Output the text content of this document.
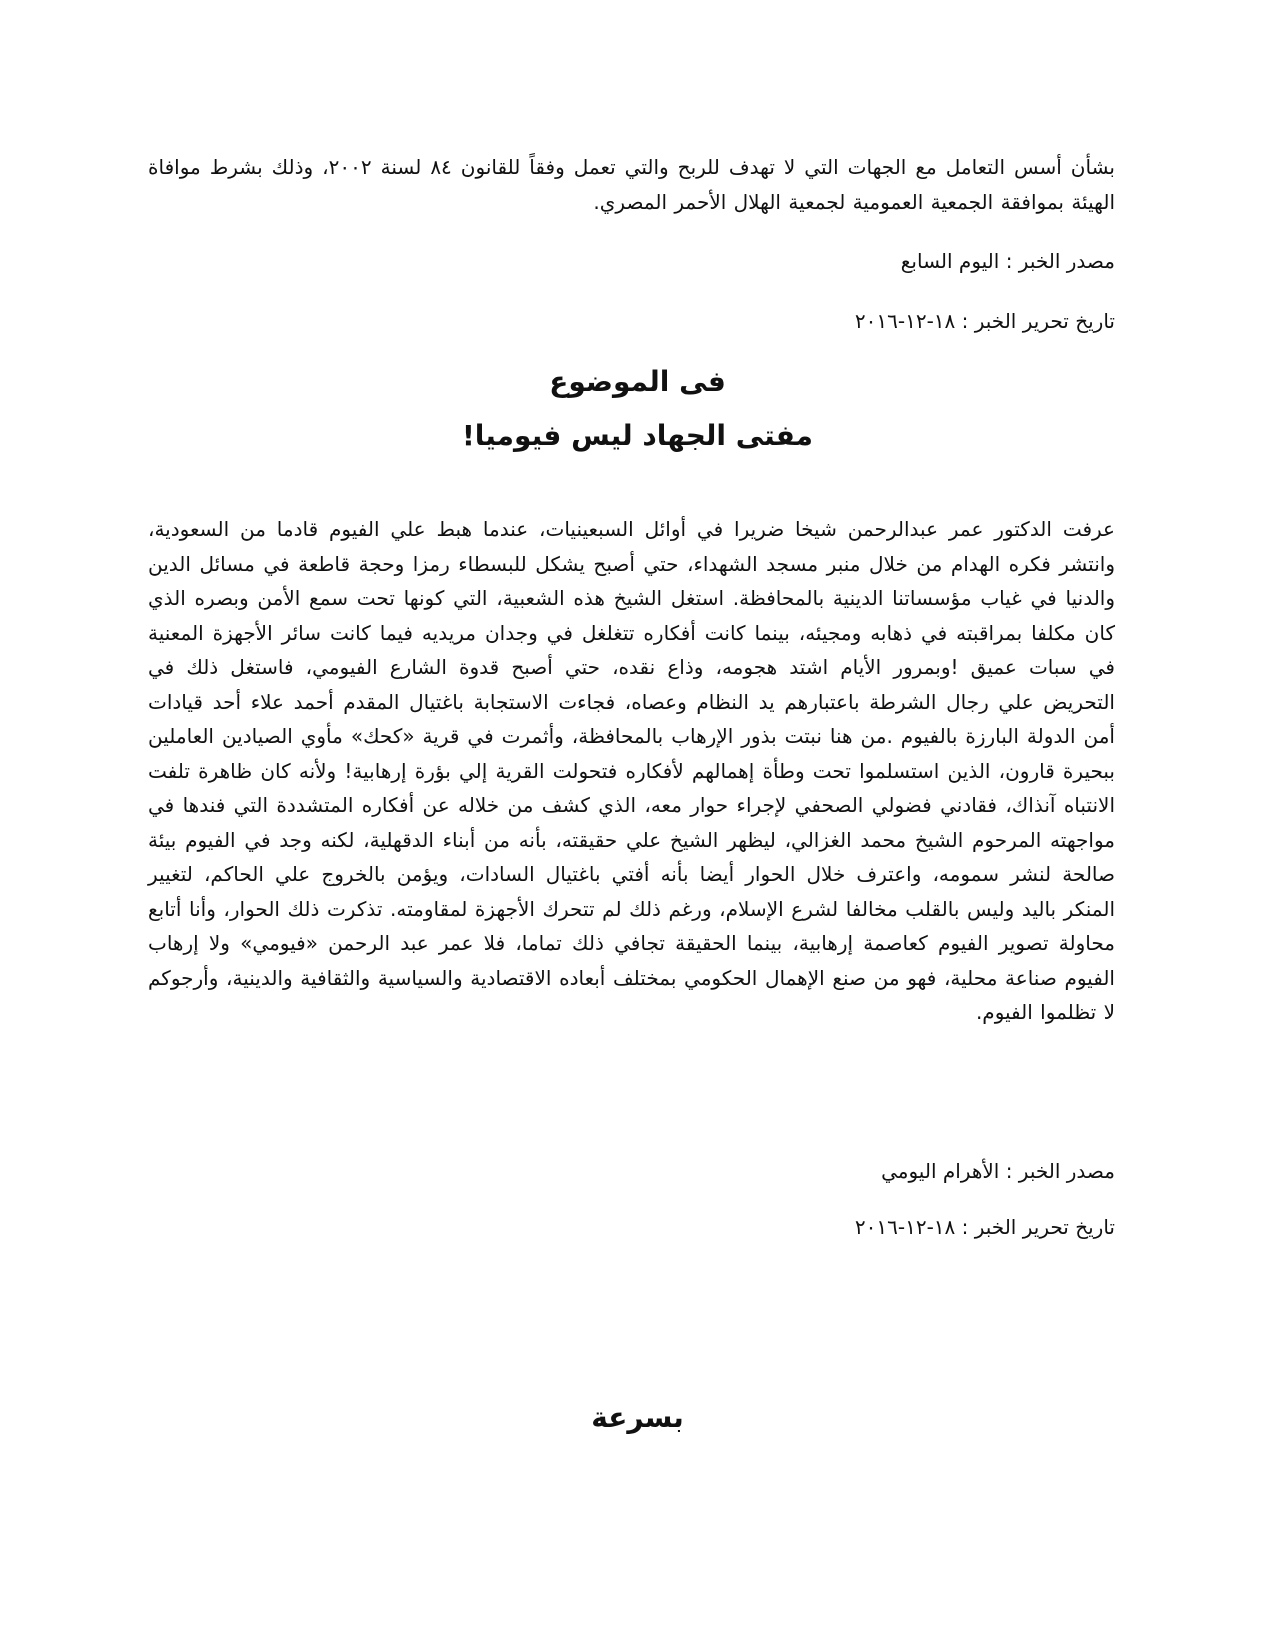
بشأن أسس التعامل مع الجهات التي لا تهدف للربح والتي تعمل وفقاً للقانون ٨٤ لسنة ٢٠٠٢، وذلك بشرط موافاة الهيئة بموافقة الجمعية العمومية لجمعية الهلال الأحمر المصري.
مصدر الخبر : اليوم السابع
تاريخ تحرير الخبر : ١٨-١٢-٢٠١٦
فى الموضوع
مفتى الجهاد ليس فيوميا!
عرفت الدكتور عمر عبدالرحمن شيخا ضريرا في أوائل السبعينيات، عندما هبط علي الفيوم قادما من السعودية، وانتشر فكره الهدام من خلال منبر مسجد الشهداء، حتي أصبح يشكل للبسطاء رمزا وحجة قاطعة في مسائل الدين والدنيا في غياب مؤسساتنا الدينية بالمحافظة. استغل الشيخ هذه الشعبية، التي كونها تحت سمع الأمن وبصره الذي كان مكلفا بمراقبته في ذهابه ومجيئه، بينما كانت أفكاره تتغلغل في وجدان مريديه فيما كانت سائر الأجهزة المعنية في سبات عميق !وبمرور الأيام اشتد هجومه، وذاع نقده، حتي أصبح قدوة الشارع الفيومي، فاستغل ذلك في التحريض علي رجال الشرطة باعتبارهم يد النظام وعصاه، فجاءت الاستجابة باغتيال المقدم أحمد علاء أحد قيادات أمن الدولة البارزة بالفيوم .من هنا نبتت بذور الإرهاب بالمحافظة، وأثمرت في قرية «كحك» مأوي الصيادين العاملين ببحيرة قارون، الذين استسلموا تحت وطأة إهمالهم لأفكاره فتحولت القرية إلي بؤرة إرهابية! ولأنه كان ظاهرة تلفت الانتباه آنذاك، فقادني فضولي الصحفي لإجراء حوار معه، الذي كشف من خلاله عن أفكاره المتشددة التي فندها في مواجهته المرحوم الشيخ محمد الغزالي، ليظهر الشيخ علي حقيقته، بأنه من أبناء الدقهلية، لكنه وجد في الفيوم بيئة صالحة لنشر سمومه، واعترف خلال الحوار أيضا بأنه أفتي باغتيال السادات، ويؤمن بالخروج علي الحاكم، لتغيير المنكر باليد وليس بالقلب مخالفا لشرع الإسلام، ورغم ذلك لم تتحرك الأجهزة لمقاومته. تذكرت ذلك الحوار، وأنا أتابع محاولة تصوير الفيوم كعاصمة إرهابية، بينما الحقيقة تجافي ذلك تماما، فلا عمر عبد الرحمن «فيومي» ولا إرهاب الفيوم صناعة محلية، فهو من صنع الإهمال الحكومي بمختلف أبعاده الاقتصادية والسياسية والثقافية والدينية، وأرجوكم لا تظلموا الفيوم.
مصدر الخبر : الأهرام اليومي
تاريخ تحرير الخبر : ١٨-١٢-٢٠١٦
بسرعة
